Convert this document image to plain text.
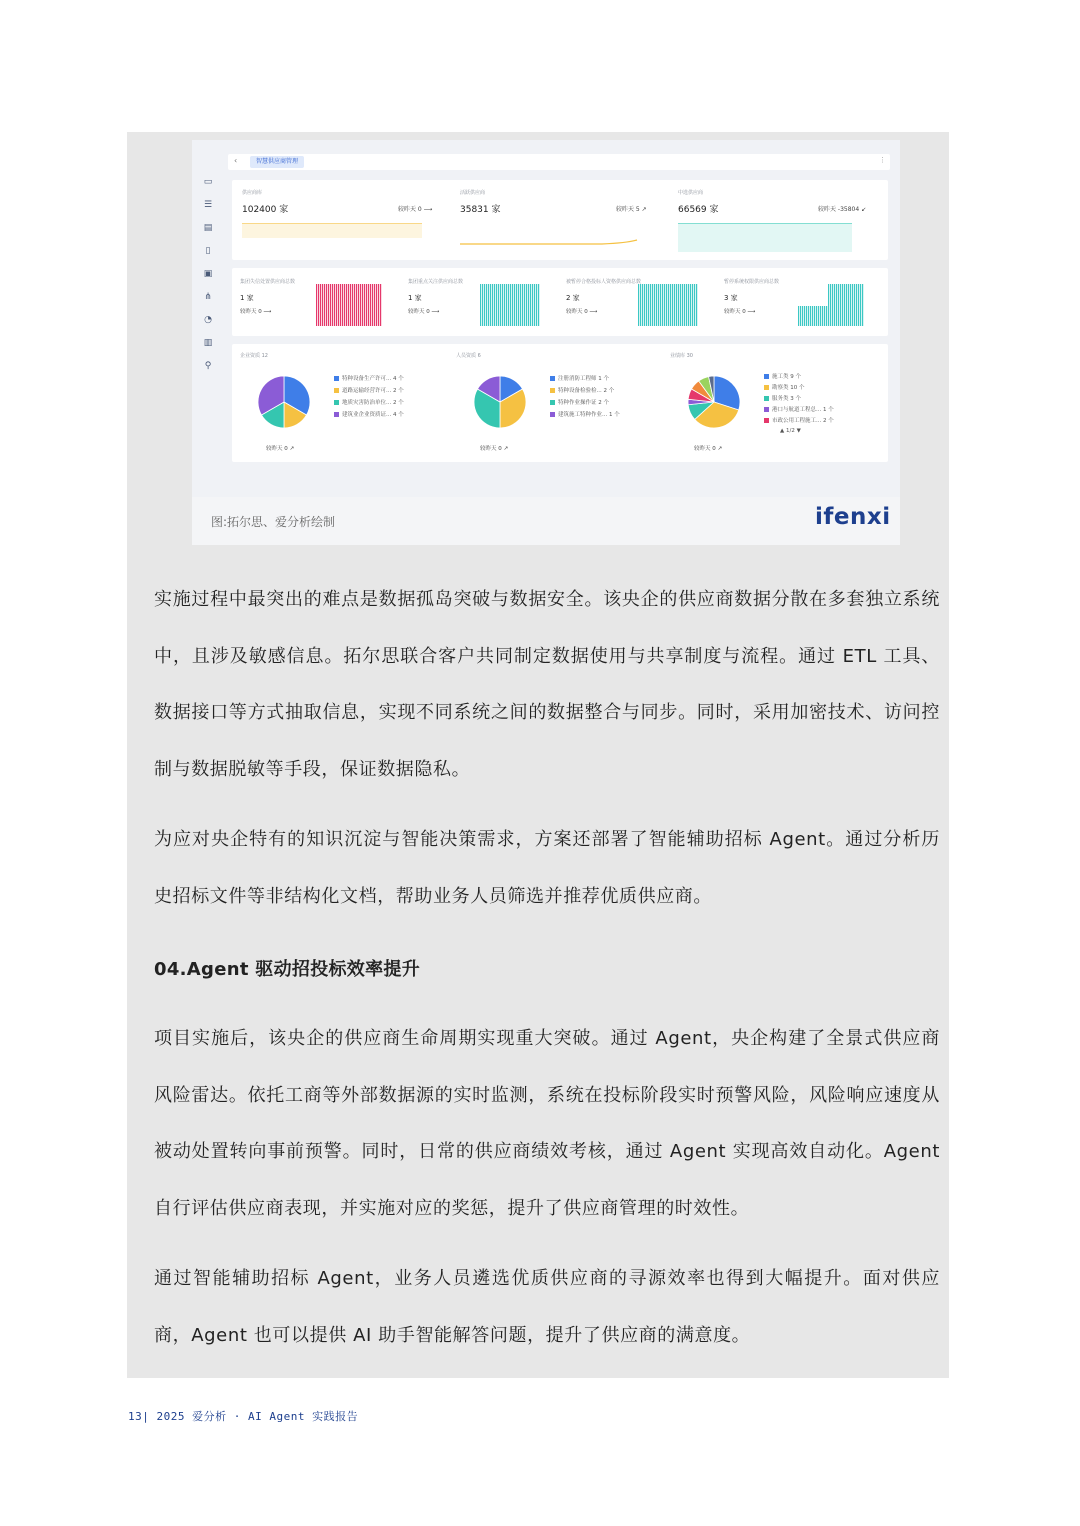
▭
☰
▤
▯
▣
⋔
◔
▥
⚲
‹	智慧供应商管理	⋮
供应商库
102400 家	较昨天 0 ⟶
活跃供应商
35831 家	较昨天 5 ↗
中选供应商
66569 家	较昨天 -35804 ↙
集团失信处置供应商总数
1 家
较昨天 0 ⟶
集团重点关注供应商总数
1 家
较昨天 0 ⟶
被暂停合格投标人资格供应商总数
2 家
较昨天 0 ⟶
暂停系统权限供应商总数
3 家
较昨天 0 ⟶
企业资质 12
特种设备生产许可... 4 个
道路运输经营许可... 2 个
地质灾害防治单位... 2 个
建筑业企业资质证... 4 个
较昨天 0 ↗
人员资质 6
注册消防工程师 1 个
特种设备检验检... 2 个
特种作业操作证 2 个
建筑施工特种作业... 1 个
较昨天 0 ↗
业绩库 30
施工类 9 个
勘察类 10 个
服务类 3 个
港口与航道工程总... 1 个
市政公用工程施工... 2 个
▲ 1/2 ▼
较昨天 0 ↗
图:拓尔思、爱分析绘制	ifenxi
实施过程中最突出的难点是数据孤岛突破与数据安全。该央企的供应商数据分散在多套独立系统中，且涉及敏感信息。拓尔思联合客户共同制定数据使用与共享制度与流程。通过 ETL 工具、数据接口等方式抽取信息，实现不同系统之间的数据整合与同步。同时，采用加密技术、访问控制与数据脱敏等手段，保证数据隐私。
为应对央企特有的知识沉淀与智能决策需求，方案还部署了智能辅助招标 Agent。通过分析历史招标文件等非结构化文档，帮助业务人员筛选并推荐优质供应商。
04.Agent 驱动招投标效率提升
项目实施后，该央企的供应商生命周期实现重大突破。通过 Agent，央企构建了全景式供应商风险雷达。依托工商等外部数据源的实时监测，系统在投标阶段实时预警风险，风险响应速度从被动处置转向事前预警。同时，日常的供应商绩效考核，通过 Agent 实现高效自动化。Agent 自行评估供应商表现，并实施对应的奖惩，提升了供应商管理的时效性。
通过智能辅助招标 Agent，业务人员遴选优质供应商的寻源效率也得到大幅提升。面对供应商，Agent 也可以提供 AI 助手智能解答问题，提升了供应商的满意度。
13| 2025 爱分析 · AI Agent 实践报告
